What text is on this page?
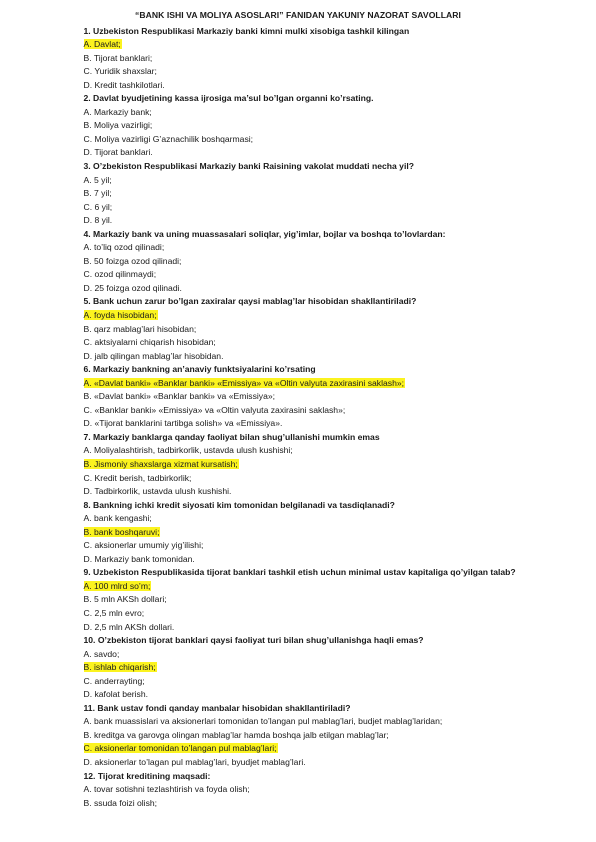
“BANK ISHI VA MOLIYA ASOSLARI” FANIDAN YAKUNIY NAZORAT SAVOLLARI
1. Uzbekiston Respublikasi Markaziy banki kimni mulki xisobiga tashkil kilingan
A. Davlat;
B. Tijorat banklari;
C. Yuridik shaxslar;
D. Kredit tashkilotlari.
2. Davlat byudjetining kassa ijrosiga ma’sul bo’lgan organni ko’rsating.
A. Markaziy bank;
B. Moliya vazirligi;
C. Moliya vazirligi G’aznachilik boshqarmasi;
D. Tijorat banklari.
3. O’zbekiston Respublikasi Markaziy banki Raisining vakolat muddati necha yil?
A. 5 yil;
B. 7 yil;
C. 6 yil;
D. 8 yil.
4. Markaziy bank va uning muassasalari soliqlar, yig’imlar, bojlar va boshqa to’lovlardan:
A. to’liq ozod qilinadi;
B. 50 foizga ozod qilinadi;
C. ozod qilinmaydi;
D. 25 foizga ozod qilinadi.
5. Bank uchun zarur bo’lgan zaxiralar qaysi mablag’lar hisobidan shakllantiriladi?
A. foyda hisobidan;
B. qarz mablag’lari hisobidan;
C. aktsiyalarni chiqarish hisobidan;
D. jalb qilingan mablag’lar hisobidan.
6. Markaziy bankning an’anaviy funktsiyalarini ko’rsating
A. «Davlat banki» «Banklar banki» «Emissiya» va «Oltin valyuta zaxirasini saklash»;
B. «Davlat banki» «Banklar banki» va «Emissiya»;
C. «Banklar banki» «Emissiya» va «Oltin valyuta zaxirasini saklash»;
D. «Tijorat banklarini tartibga solish» va «Emissiya».
7. Markaziy banklarga qanday faoliyat bilan shug’ullanishi mumkin emas
A. Moliyalashtirish, tadbirkorlik, ustavda ulush kushishi;
B. Jismoniy shaxslarga xizmat kursatish;
C. Kredit berish, tadbirkorlik;
D. Tadbirkorlik, ustavda ulush kushishi.
8. Bankning ichki kredit siyosati kim tomonidan belgilanadi va tasdiqlanadi?
A. bank kengashi;
B. bank boshqaruvi;
C. aksionerlar umumiy yig’ilishi;
D. Markaziy bank tomonidan.
9. Uzbekiston Respublikasida tijorat banklari tashkil etish uchun minimal ustav kapitaliga qo’yilgan talab?
A. 100 mlrd so’m;
B. 5 mln AKSh dollari;
C. 2,5 mln evro;
D. 2,5 mln AKSh dollari.
10. O’zbekiston tijorat banklari qaysi faoliyat turi bilan shug’ullanishga haqli emas?
A. savdo;
B. ishlab chiqarish;
C. anderrayting;
D. kafolat berish.
11. Bank ustav fondi qanday manbalar hisobidan shakllantiriladi?
A. bank muassislari va aksionerlari tomonidan to’langan pul mablag’lari, budjet mablag’laridan;
B. kreditga va garovga olingan mablag’lar hamda boshqa jalb etilgan mablag’lar;
C. aksionerlar tomonidan to’langan pul mablag’lari;
D. aksionerlar to’lagan pul mablag’lari, byudjet mablag’lari.
12. Tijorat kreditining maqsadi:
A. tovar sotishni tezlashtirish va foyda olish;
B. ssuda foizi olish;
